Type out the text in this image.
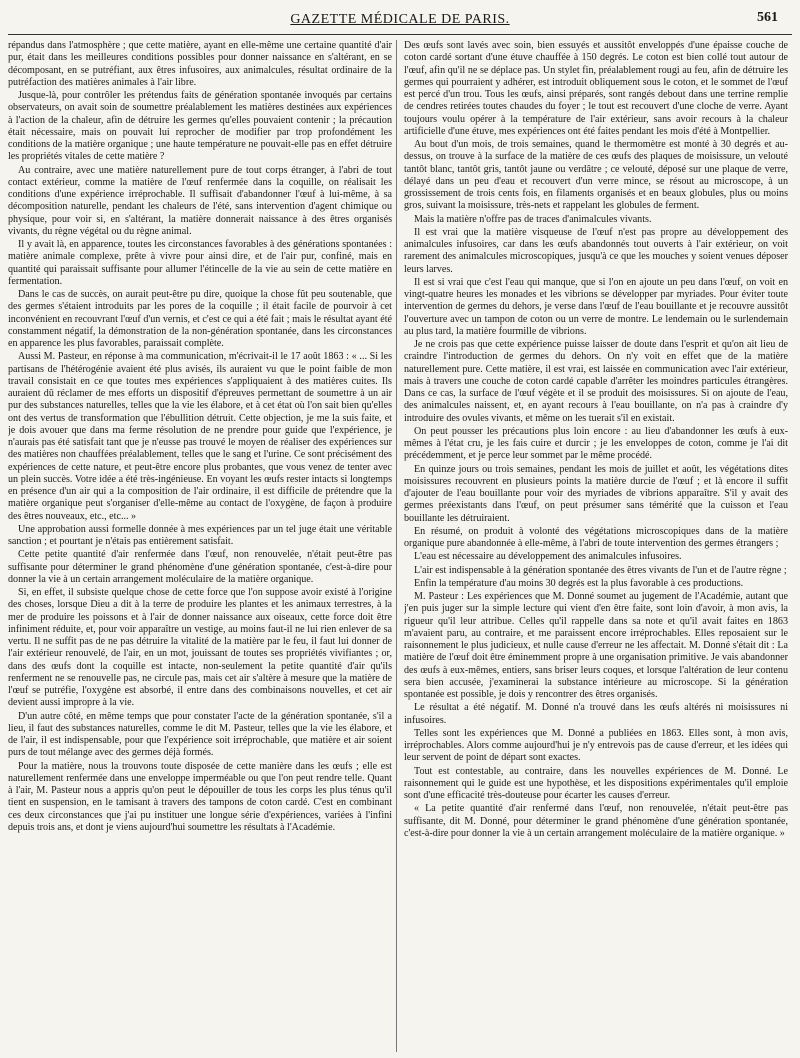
GAZETTE MÉDICALE DE PARIS.	561

répandus dans l'atmosphère ; que cette matière, ayant en elle-même une certaine quantité d'air pur, était dans les meilleures conditions possibles pour donner naissance en s'altérant, en se décomposant, en se putréfiant, aux êtres infusoires, aux animalcules, résultat ordinaire de la putréfaction des matières animales à l'air libre.

Jusque-là, pour contrôler les prétendus faits de génération spontanée invoqués par certains observateurs, on avait soin de soumettre préalablement les matières destinées aux expériences à l'action de la chaleur, afin de détruire les germes qu'elles pouvaient contenir ; la précaution était nécessaire, mais on pouvait lui reprocher de modifier par trop profondément les conditions de la matière organique ; une haute température ne pouvait-elle pas en effet détruire les propriétés vitales de cette matière ?

Au contraire, avec une matière naturellement pure de tout corps étranger, à l'abri de tout contact extérieur, comme la matière de l'œuf renfermée dans la coquille, on réalisait les conditions d'une expérience irréprochable. Il suffisait d'abandonner l'œuf à lui-même, à sa décomposition naturelle, pendant les chaleurs de l'été, sans intervention d'agent chimique ou physique, pour voir si, en s'altérant, la matière donnerait naissance à des êtres organisés vivants, du règne végétal ou du règne animal.

Il y avait là, en apparence, toutes les circonstances favorables à des générations spontanées : matière animale complexe, prête à vivre pour ainsi dire, et de l'air pur, confiné, mais en quantité qui paraissait suffisante pour allumer l'étincelle de la vie au sein de cette matière en fermentation.

Dans le cas de succès, on aurait peut-être pu dire, quoique la chose fût peu soutenable, que des germes s'étaient introduits par les pores de la coquille ; il était facile de pourvoir à cet inconvénient en recouvrant l'œuf d'un vernis, et c'est ce qui a été fait ; mais le résultat ayant été constamment négatif, la démonstration de la non-génération spontanée, dans les circonstances en apparence les plus favorables, paraissait complète.

Aussi M. Pasteur, en réponse à ma communication, m'écrivait-il le 17 août 1863 : « ... Si les partisans de l'hétérogénie avaient été plus avisés, ils auraient vu que le point faible de mon travail consistait en ce que toutes mes expériences s'appliquaient à des matières cuites. Ils auraient dû réclamer de mes efforts un dispositif d'épreuves permettant de soumettre à un air pur des substances naturelles, telles que la vie les élabore, et à cet état où l'on sait bien qu'elles ont des vertus de transformation que l'ébullition détruit. Cette objection, je me la suis faite, et je dois avouer que dans ma ferme résolution de ne prendre pour guide que l'expérience, je n'aurais pas été satisfait tant que je n'eusse pas trouvé le moyen de réaliser des expériences sur des matières non chauffées préalablement, telles que le sang et l'urine. Ce sont précisément des expériences de cette nature, et peut-être encore plus probantes, que vous venez de tenter avec un plein succès. Votre idée a été très-ingénieuse. En voyant les œufs rester intacts si longtemps en présence d'un air qui a la composition de l'air ordinaire, il est difficile de prétendre que la matière organique peut s'organiser d'elle-même au contact de l'oxygène, de façon à produire des êtres nouveaux, etc., etc... »

Une approbation aussi formelle donnée à mes expériences par un tel juge était une véritable sanction ; et pourtant je n'étais pas entièrement satisfait.

Cette petite quantité d'air renfermée dans l'œuf, non renouvelée, n'était peut-être pas suffisante pour déterminer le grand phénomène d'une génération spontanée, c'est-à-dire pour donner la vie à un certain arrangement moléculaire de la matière organique.

Si, en effet, il subsiste quelque chose de cette force que l'on suppose avoir existé à l'origine des choses, lorsque Dieu a dit à la terre de produire les plantes et les animaux terrestres, à la mer de produire les poissons et à l'air de donner naissance aux oiseaux, cette force doit être infiniment réduite, et, pour voir apparaître un vestige, au moins faut-il ne lui rien enlever de sa vertu. Il ne suffit pas de ne pas détruire la vitalité de la matière par le feu, il faut lui donner de l'air extérieur renouvelé, de l'air, en un mot, jouissant de toutes ses propriétés vivifiantes ; or, dans des œufs dont la coquille est intacte, non-seulement la petite quantité d'air qu'ils renferment ne se renouvelle pas, ne circule pas, mais cet air s'altère à mesure que la matière de l'œuf se putréfie, l'oxygène est absorbé, il entre dans des combinaisons nouvelles, et cet air devient aussi impropre à la vie.

D'un autre côté, en même temps que pour constater l'acte de la génération spontanée, s'il a lieu, il faut des substances naturelles, comme le dit M. Pasteur, telles que la vie les élabore, et de l'air, il est indispensable, pour que l'expérience soit irréprochable, que matière et air soient purs de tout mélange avec des germes déjà formés.

Pour la matière, nous la trouvons toute disposée de cette manière dans les œufs ; elle est naturellement renfermée dans une enveloppe imperméable ou que l'on peut rendre telle. Quant à l'air, M. Pasteur nous a appris qu'on peut le dépouiller de tous les corps les plus ténus qu'il tient en suspension, en le tamisant à travers des tampons de coton cardé. C'est en combinant ces deux circonstances que j'ai pu instituer une longue série d'expériences, variées à l'infini depuis trois ans, et dont je viens aujourd'hui soumettre les résultats à l'Académie.

Des œufs sont lavés avec soin, bien essuyés et aussitôt enveloppés d'une épaisse couche de coton cardé sortant d'une étuve chauffée à 150 degrés. Le coton est bien collé tout autour de l'œuf, afin qu'il ne se déplace pas. Un stylet fin, préalablement rougi au feu, afin de détruire les germes qui pourraient y adhérer, est introduit obliquement sous le coton, et le sommet de l'œuf est percé d'un trou. Tous les œufs, ainsi préparés, sont rangés debout dans une terrine remplie de cendres retirées toutes chaudes du foyer ; le tout est recouvert d'une cloche de verre. Ayant toujours voulu opérer à la température de l'air extérieur, sans avoir recours à la chaleur artificielle d'une étuve, mes expériences ont été faites pendant les mois d'été à Montpellier.

Au bout d'un mois, de trois semaines, quand le thermomètre est monté à 30 degrés et au-dessus, on trouve à la surface de la matière de ces œufs des plaques de moisissure, un velouté tantôt blanc, tantôt gris, tantôt jaune ou verdâtre ; ce velouté, déposé sur une plaque de verre, délayé dans un peu d'eau et recouvert d'un verre mince, se résout au microscope, à un grossissement de trois cents fois, en filaments organisés et en beaux globules, plus ou moins gros, suivant la moisissure, très-nets et rappelant les globules de ferment.

Mais la matière n'offre pas de traces d'animalcules vivants.

Il est vrai que la matière visqueuse de l'œuf n'est pas propre au développement des animalcules infusoires, car dans les œufs abandonnés tout ouverts à l'air extérieur, on voit rarement des animalcules microscopiques, jusqu'à ce que les mouches y soient venues déposer leurs larves.

Il est si vrai que c'est l'eau qui manque, que si l'on en ajoute un peu dans l'œuf, on voit en vingt-quatre heures les monades et les vibrions se développer par myriades. Pour éviter toute intervention de germes du dehors, je verse dans l'œuf de l'eau bouillante et je recouvre aussitôt l'ouverture avec un tampon de coton ou un verre de montre. Le lendemain ou le surlendemain au plus tard, la matière fourmille de vibrions.

Je ne crois pas que cette expérience puisse laisser de doute dans l'esprit et qu'on ait lieu de craindre l'introduction de germes du dehors. On n'y voit en effet que de la matière naturellement pure. Cette matière, il est vrai, est laissée en communication avec l'air extérieur, mais à travers une couche de coton cardé capable d'arrêter les moindres particules étrangères. Dans ce cas, la surface de l'œuf végète et il se produit des moisissures. Si on ajoute de l'eau, des animalcules naissent, et, en ayant recours à l'eau bouillante, on n'a pas à craindre d'y introduire des ovules vivants, et même on les tuerait s'il en existait.

On peut pousser les précautions plus loin encore : au lieu d'abandonner les œufs à eux-mêmes à l'état cru, je les fais cuire et durcir ; je les enveloppes de coton, comme je l'ai dit précédemment, et je perce leur sommet par le même procédé.

En quinze jours ou trois semaines, pendant les mois de juillet et août, les végétations dites moisissures recouvrent en plusieurs points la matière durcie de l'œuf ; et là encore il suffit d'ajouter de l'eau bouillante pour voir des myriades de vibrions apparaître. S'il y avait des germes préexistants dans l'œuf, on peut présumer sans témérité que la cuisson et l'eau bouillante les détruiraient.

En résumé, on produit à volonté des végétations microscopiques dans de la matière organique pure abandonnée à elle-même, à l'abri de toute intervention des germes étrangers ;

L'eau est nécessaire au développement des animalcules infusoires.

L'air est indispensable à la génération spontanée des êtres vivants de l'un et de l'autre règne ;

Enfin la température d'au moins 30 degrés est la plus favorable à ces productions.

M. Pasteur : Les expériences que M. Donné soumet au jugement de l'Académie, autant que j'en puis juger sur la simple lecture qui vient d'en être faite, sont loin d'avoir, à mon avis, la rigueur qu'il leur attribue. Celles qu'il rappelle dans sa note et qu'il avait faites en 1863 m'avaient paru, au contraire, et me paraissent encore irréprochables. Elles reposaient sur le raisonnement le plus judicieux, et nulle cause d'erreur ne les affectait. M. Donné s'était dit : La matière de l'œuf doit être éminemment propre à une organisation primitive. Je vais abandonner des œufs à eux-mêmes, entiers, sans briser leurs coques, et lorsque l'altération de leur contenu sera bien accusée, j'examinerai la substance intérieure au microscope. Si la génération spontanée est possible, je dois y rencontrer des êtres organisés.

Le résultat a été négatif. M. Donné n'a trouvé dans les œufs altérés ni moisissures ni infusoires.

Telles sont les expériences que M. Donné a publiées en 1863. Elles sont, à mon avis, irréprochables. Alors comme aujourd'hui je n'y entrevois pas de cause d'erreur, et les idées qui leur servent de point de départ sont exactes.

Tout est contestable, au contraire, dans les nouvelles expériences de M. Donné. Le raisonnement qui le guide est une hypothèse, et les dispositions expérimentales qu'il emploie sont d'une efficacité très-douteuse pour écarter les causes d'erreur.

« La petite quantité d'air renfermé dans l'œuf, non renouvelée, n'était peut-être pas suffisante, dit M. Donné, pour déterminer le grand phénomène d'une génération spontanée, c'est-à-dire pour donner la vie à un certain arrangement moléculaire de la matière organique. »
